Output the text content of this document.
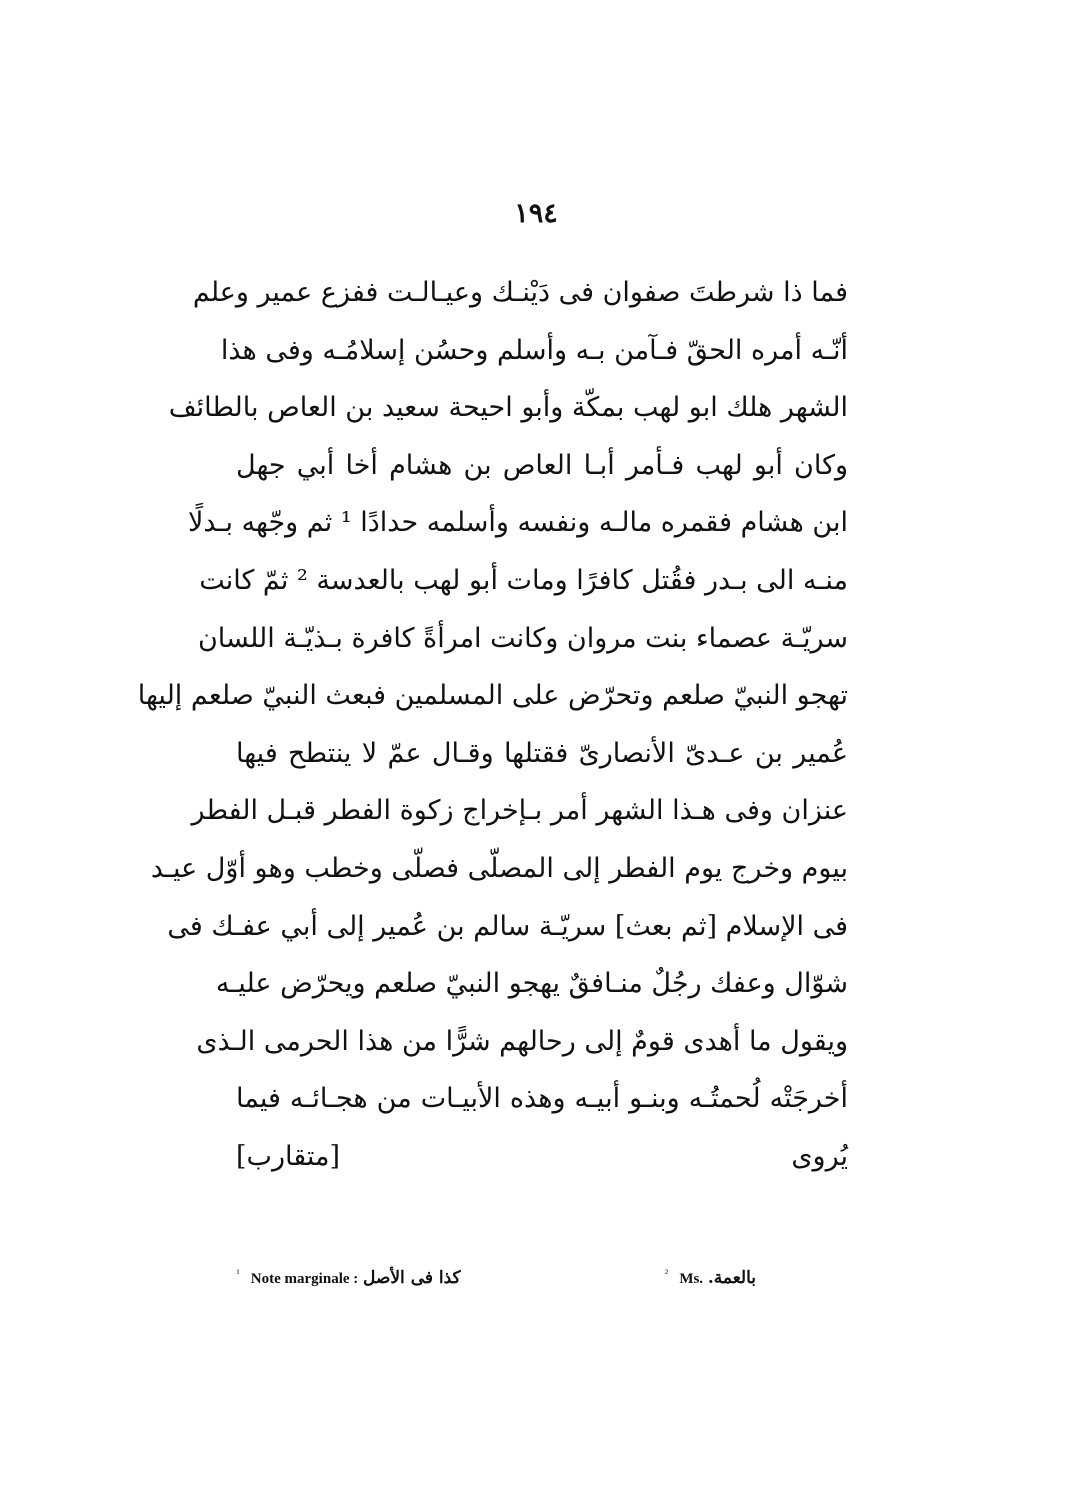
١٩٤
فما ذا شرطتَ صفوان فى دَيْنـك وعيـالـت ففزع عمير وعلم
أنّـه أمره الحقّ فـآمن بـه وأسلم وحسُن إسلامُـه وفى هذا
الشهر هلك ابو لهب بمكّة وأبو احيحة سعيد بن العاص بالطائف
وكان أبو لهب فـأمر أبـا العاص بن هشام أخا أبي جهل
ابن هشام فقمره مالـه ونفسه وأسلمه حدادًا ¹ ثم وجّهه بـدلًا
منـه الى بـدر فقُتل كافرًا ومات أبو لهب بالعدسة ² ثمّ كانت
سريّـة عصماء بنت مروان وكانت امرأةً كافرة بـذيّـة اللسان
تهجو النبيّ صلعم وتحرّض على المسلمين فبعث النبيّ صلعم إليها
عُمير بن عـدىّ الأنصارىّ فقتلها وقـال عمّ لا ينتطح فيها
عنزان وفى هـذا الشهر أمر بـإخراج زكوة الفطر قبـل الفطر
بيوم وخرج يوم الفطر إلى المصلّى فصلّى وخطب وهو أوّل عيـد
فى الإسلام [ثم بعث] سريّـة سالم بن عُمير إلى أبي عفـك فى
شوّال وعفك رجُلٌ منـافقٌ يهجو النبيّ صلعم ويحرّض عليـه
ويقول ما أهدى قومٌ إلى رحالهم شرًّا من هذا الحرمى الـذى
أخرجَتْه لُحمتُـه وبنـو أبيـه وهذه الأبيـات من هجـائـه فيما
يُروى
[متقارب]
$^{^1}$ Note marginale : كذا فى الأصل	$^{^2}$ Ms. بالعمة.
